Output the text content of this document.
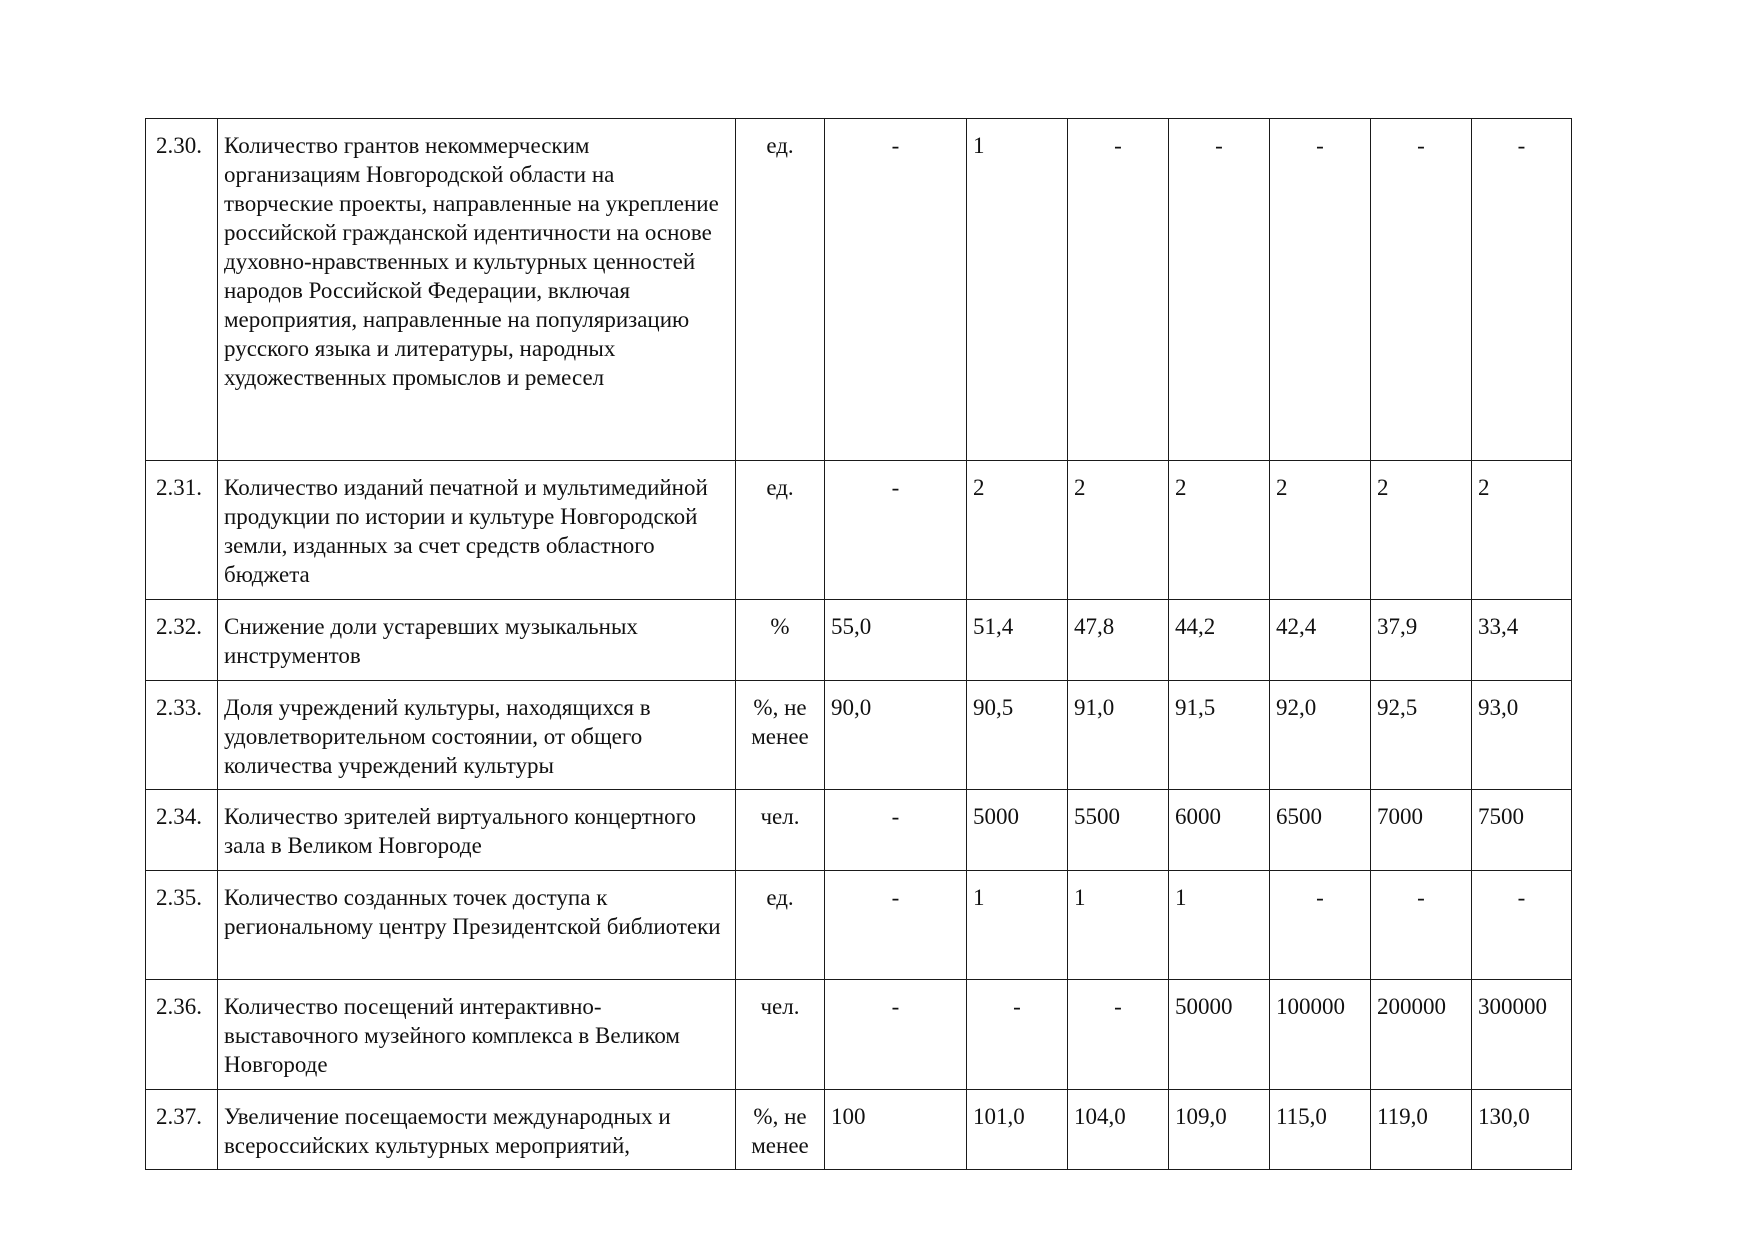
2.30.	Количество грантов некоммерческим организациям Новгородской области на творческие проекты, направленные на укрепление российской гражданской идентичности на основе духовно-нравственных и культурных ценностей народов Российской Федерации, включая мероприятия, направленные на популяризацию русского языка и литературы, народных художественных промыслов и ремесел	ед.	-	1	-	-	-	-	-
2.31.	Количество изданий печатной и мультимедийной продукции по истории и культуре Новгородской земли, изданных за счет средств областного бюджета	ед.	-	2	2	2	2	2	2
2.32.	Снижение доли устаревших музыкальных инструментов	%	55,0	51,4	47,8	44,2	42,4	37,9	33,4
2.33.	Доля учреждений культуры, находящихся в удовлетворительном состоянии, от общего количества учреждений культуры	%, не менее	90,0	90,5	91,0	91,5	92,0	92,5	93,0
2.34.	Количество зрителей виртуального концертного зала в Великом Новгороде	чел.	-	5000	5500	6000	6500	7000	7500
2.35.	Количество созданных точек доступа к региональному центру Президентской библиотеки	ед.	-	1	1	1	-	-	-
2.36.	Количество посещений интерактивно-выставочного музейного комплекса в Великом Новгороде	чел.	-	-	-	50000	100000	200000	300000
2.37.	Увеличение посещаемости международных и всероссийских культурных мероприятий,	%, не менее	100	101,0	104,0	109,0	115,0	119,0	130,0
